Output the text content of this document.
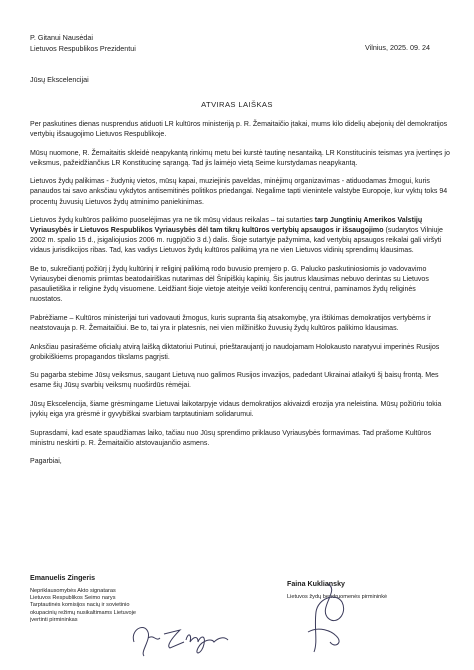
P. Gitanui Nausėdai
Lietuvos Respublikos Prezidentui	Vilnius, 2025. 09. 24
Jūsų Ekscelencijai
ATVIRAS LAIŠKAS

Per paskutines dienas nusprendus atiduoti LR kultūros ministeriją p. R. Žemaitaičio įtakai, mums kilo didelių abejonių dėl demokratijos vertybių išsaugojimo Lietuvos Respublikoje.

Mūsų nuomone, R. Žemaitaitis skleidė neapykantą rinkimų metu bei kurstė tautinę nesantaiką. LR Konstitucinis teismas yra įvertinęs jo veiksmus, pažeidžiančius LR Konstitucinę sąrangą. Tad jis laimėjo vietą Seime kurstydamas neapykantą.

Lietuvos žydų palikimas - žudynių vietos, mūsų kapai, muziejinis paveldas, minėjimų organizavimas - atiduodamas žmogui, kuris panaudos tai savo anksčiau vykdytos antisemitinės politikos priedangai. Negalime tapti vienintele valstybe Europoje, kur vyktų toks 94 procentų žuvusių Lietuvos žydų atminimo paniekinimas.

Lietuvos žydų kultūros palikimo puoselėjimas yra ne tik mūsų vidaus reikalas – tai sutarties tarp Jungtinių Amerikos Valstijų Vyriausybės ir Lietuvos Respublikos Vyriausybės dėl tam tikrų kultūros vertybių apsaugos ir išsaugojimo (sudarytos Vilniuje 2002 m. spalio 15 d., įsigaliojusios 2006 m. rugpjūčio 3 d.) dalis. Šioje sutartyje pažymima, kad vertybių apsaugos reikalai gali viršyti vidaus jurisdikcijos ribas. Tad, kas vadiys Lietuvos žydų kultūros palikimą yra ne vien Lietuvos vidinių sprendimų klausimas.

Be to, sukrečiantį požiūrį į žydų kultūrinį ir religinį palikimą rodo buvusio premjero p. G. Palucko paskutiniosiomis jo vadovavimo Vyriausybei dienomis priimtas beatodairiškas nutarimas dėl Šnipiškių kapinių. Šis jautrus klausimas nebuvo derintas su Lietuvos pasaulietiška ir religine žydų visuomene. Leidžiant šioje vietoje ateityje veikti konferencijų centrui, paminamos žydų religinės nuostatos.

Pabrėžiame – Kultūros ministerijai turi vadovauti žmogus, kuris supranta šią atsakomybę, yra ištikimas demokratijos vertybėms ir neatstovauja p. R. Žemaitaičiui. Be to, tai yra ir platesnis, nei vien milžiniško žuvusių žydų kultūros palikimo klausimas.

Anksčiau pasirašėme oficialų atvirą laišką diktatoriui Putinui, prieštaraujantį jo naudojamam Holokausto naratyvui imperinės Rusijos grobikiškiems propagandos tikslams pagrįsti.

Su pagarba stebime Jūsų veiksmus, saugant Lietuvą nuo galimos Rusijos invazijos, padedant Ukrainai atlaikyti šį baisų frontą. Mes esame šių Jūsų svarbių veiksmų nuoširdūs rėmėjai.

Jūsų Ekscelencija, šiame grėsmingame Lietuvai laikotarpyje vidaus demokratijos akivaizdi erozija yra neleistina. Mūsų požiūriu tokia įvykių eiga yra grėsmė ir gyvybiškai svarbiam tarptautiniam solidarumui.

Suprasdami, kad esate spaudžiamas laiko, tačiau nuo Jūsų sprendimo priklauso Vyriausybės formavimas. Tad prašome Kultūros ministru neskirti p. R. Žemaitaičio atstovaujančio asmens.

Pagarbiai,

Emanuelis Zingeris
Nepriklausomybės Akto signataras
Lietuvos Respublikos Seimo narys
Tarptautinės komisijos nacių ir sovietinio
okupacinių režimų nusikaltimams Lietuvoje
įvertinti pirmininkas
Faina Kukliansky
Lietuvos žydų bendruomenės pirmininkė
